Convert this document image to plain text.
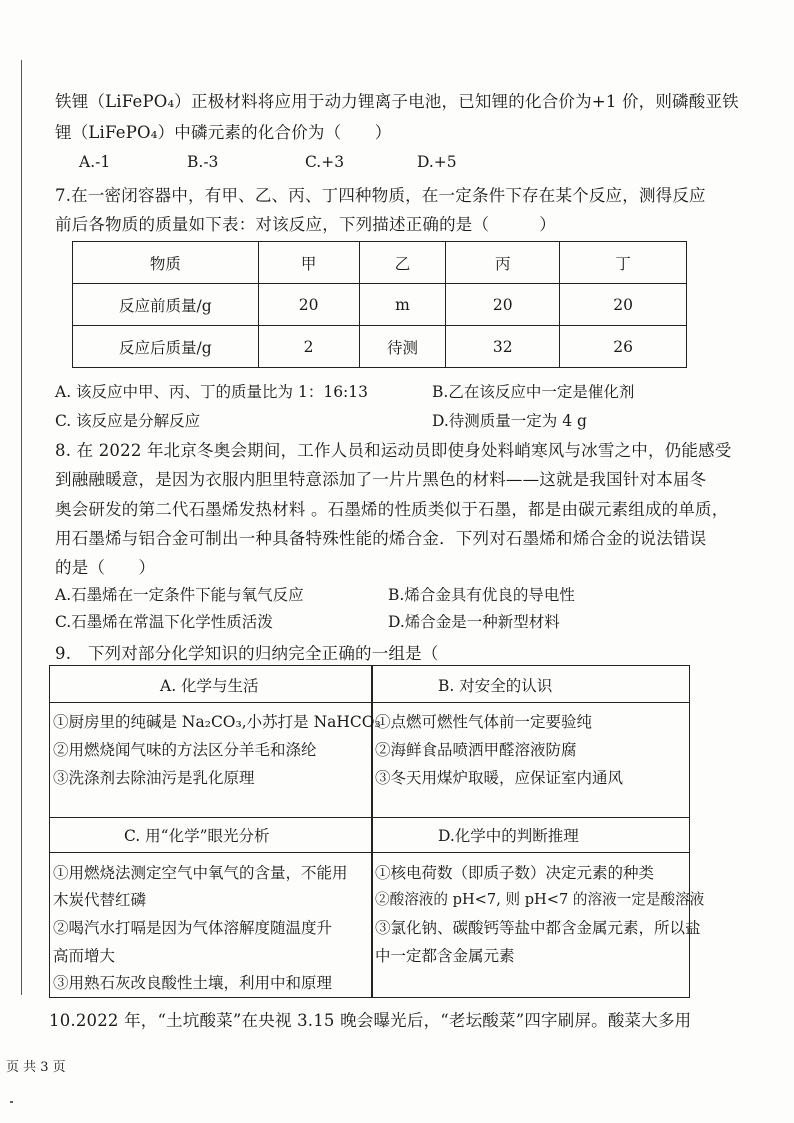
铁锂（LiFePO₄）正极材料将应用于动力锂离子电池，已知锂的化合价为+1 价，则磷酸亚铁
锂（LiFePO₄）中磷元素的化合价为（　　）
A.-1	B.-3	C.+3	D.+5
7.在一密闭容器中，有甲、乙、丙、丁四种物质，在一定条件下存在某个反应，测得反应
前后各物质的质量如下表：对该反应，下列描述正确的是（　　　）
物质	甲	乙	丙	丁
反应前质量/g	20	m	20	20
反应后质量/g	2	待测	32	26
A. 该反应中甲、丙、丁的质量比为 1：16:13	B.乙在该反应中一定是催化剂
C. 该反应是分解反应	D.待测质量一定为 4 g
8. 在 2022 年北京冬奥会期间，工作人员和运动员即使身处料峭寒风与冰雪之中，仍能感受
到融融暖意，是因为衣服内胆里特意添加了一片片黑色的材料——这就是我国针对本届冬
奥会研发的第二代石墨烯发热材料 。石墨烯的性质类似于石墨，都是由碳元素组成的单质，
用石墨烯与铝合金可制出一种具备特殊性能的烯合金．下列对石墨烯和烯合金的说法错误
的是（　　）
A.石墨烯在一定条件下能与氧气反应	B.烯合金具有优良的导电性
C.石墨烯在常温下化学性质活泼	D.烯合金是一种新型材料
9.　下列对部分化学知识的归纳完全正确的一组是（　　　
A. 化学与生活
①厨房里的纯碱是 Na₂CO₃,小苏打是 NaHCO₃
②用燃烧闻气味的方法区分羊毛和涤纶
③洗涤剂去除油污是乳化原理
B. 对安全的认识
①点燃可燃性气体前一定要验纯
②海鲜食品喷洒甲醛溶液防腐
③冬天用煤炉取暖，应保证室内通风
C. 用“化学”眼光分析
①用燃烧法测定空气中氧气的含量，不能用
木炭代替红磷
②喝汽水打嗝是因为气体溶解度随温度升
高而增大
③用熟石灰改良酸性土壤，利用中和原理
D.化学中的判断推理
①核电荷数（即质子数）决定元素的种类
②酸溶液的 pH<7, 则 pH<7 的溶液一定是酸溶液
③氯化钠、碳酸钙等盐中都含金属元素，所以盐
中一定都含金属元素
10.2022 年，“土坑酸菜”在央视 3.15 晚会曝光后，“老坛酸菜”四字刷屏。酸菜大多用
页 共 3 页
